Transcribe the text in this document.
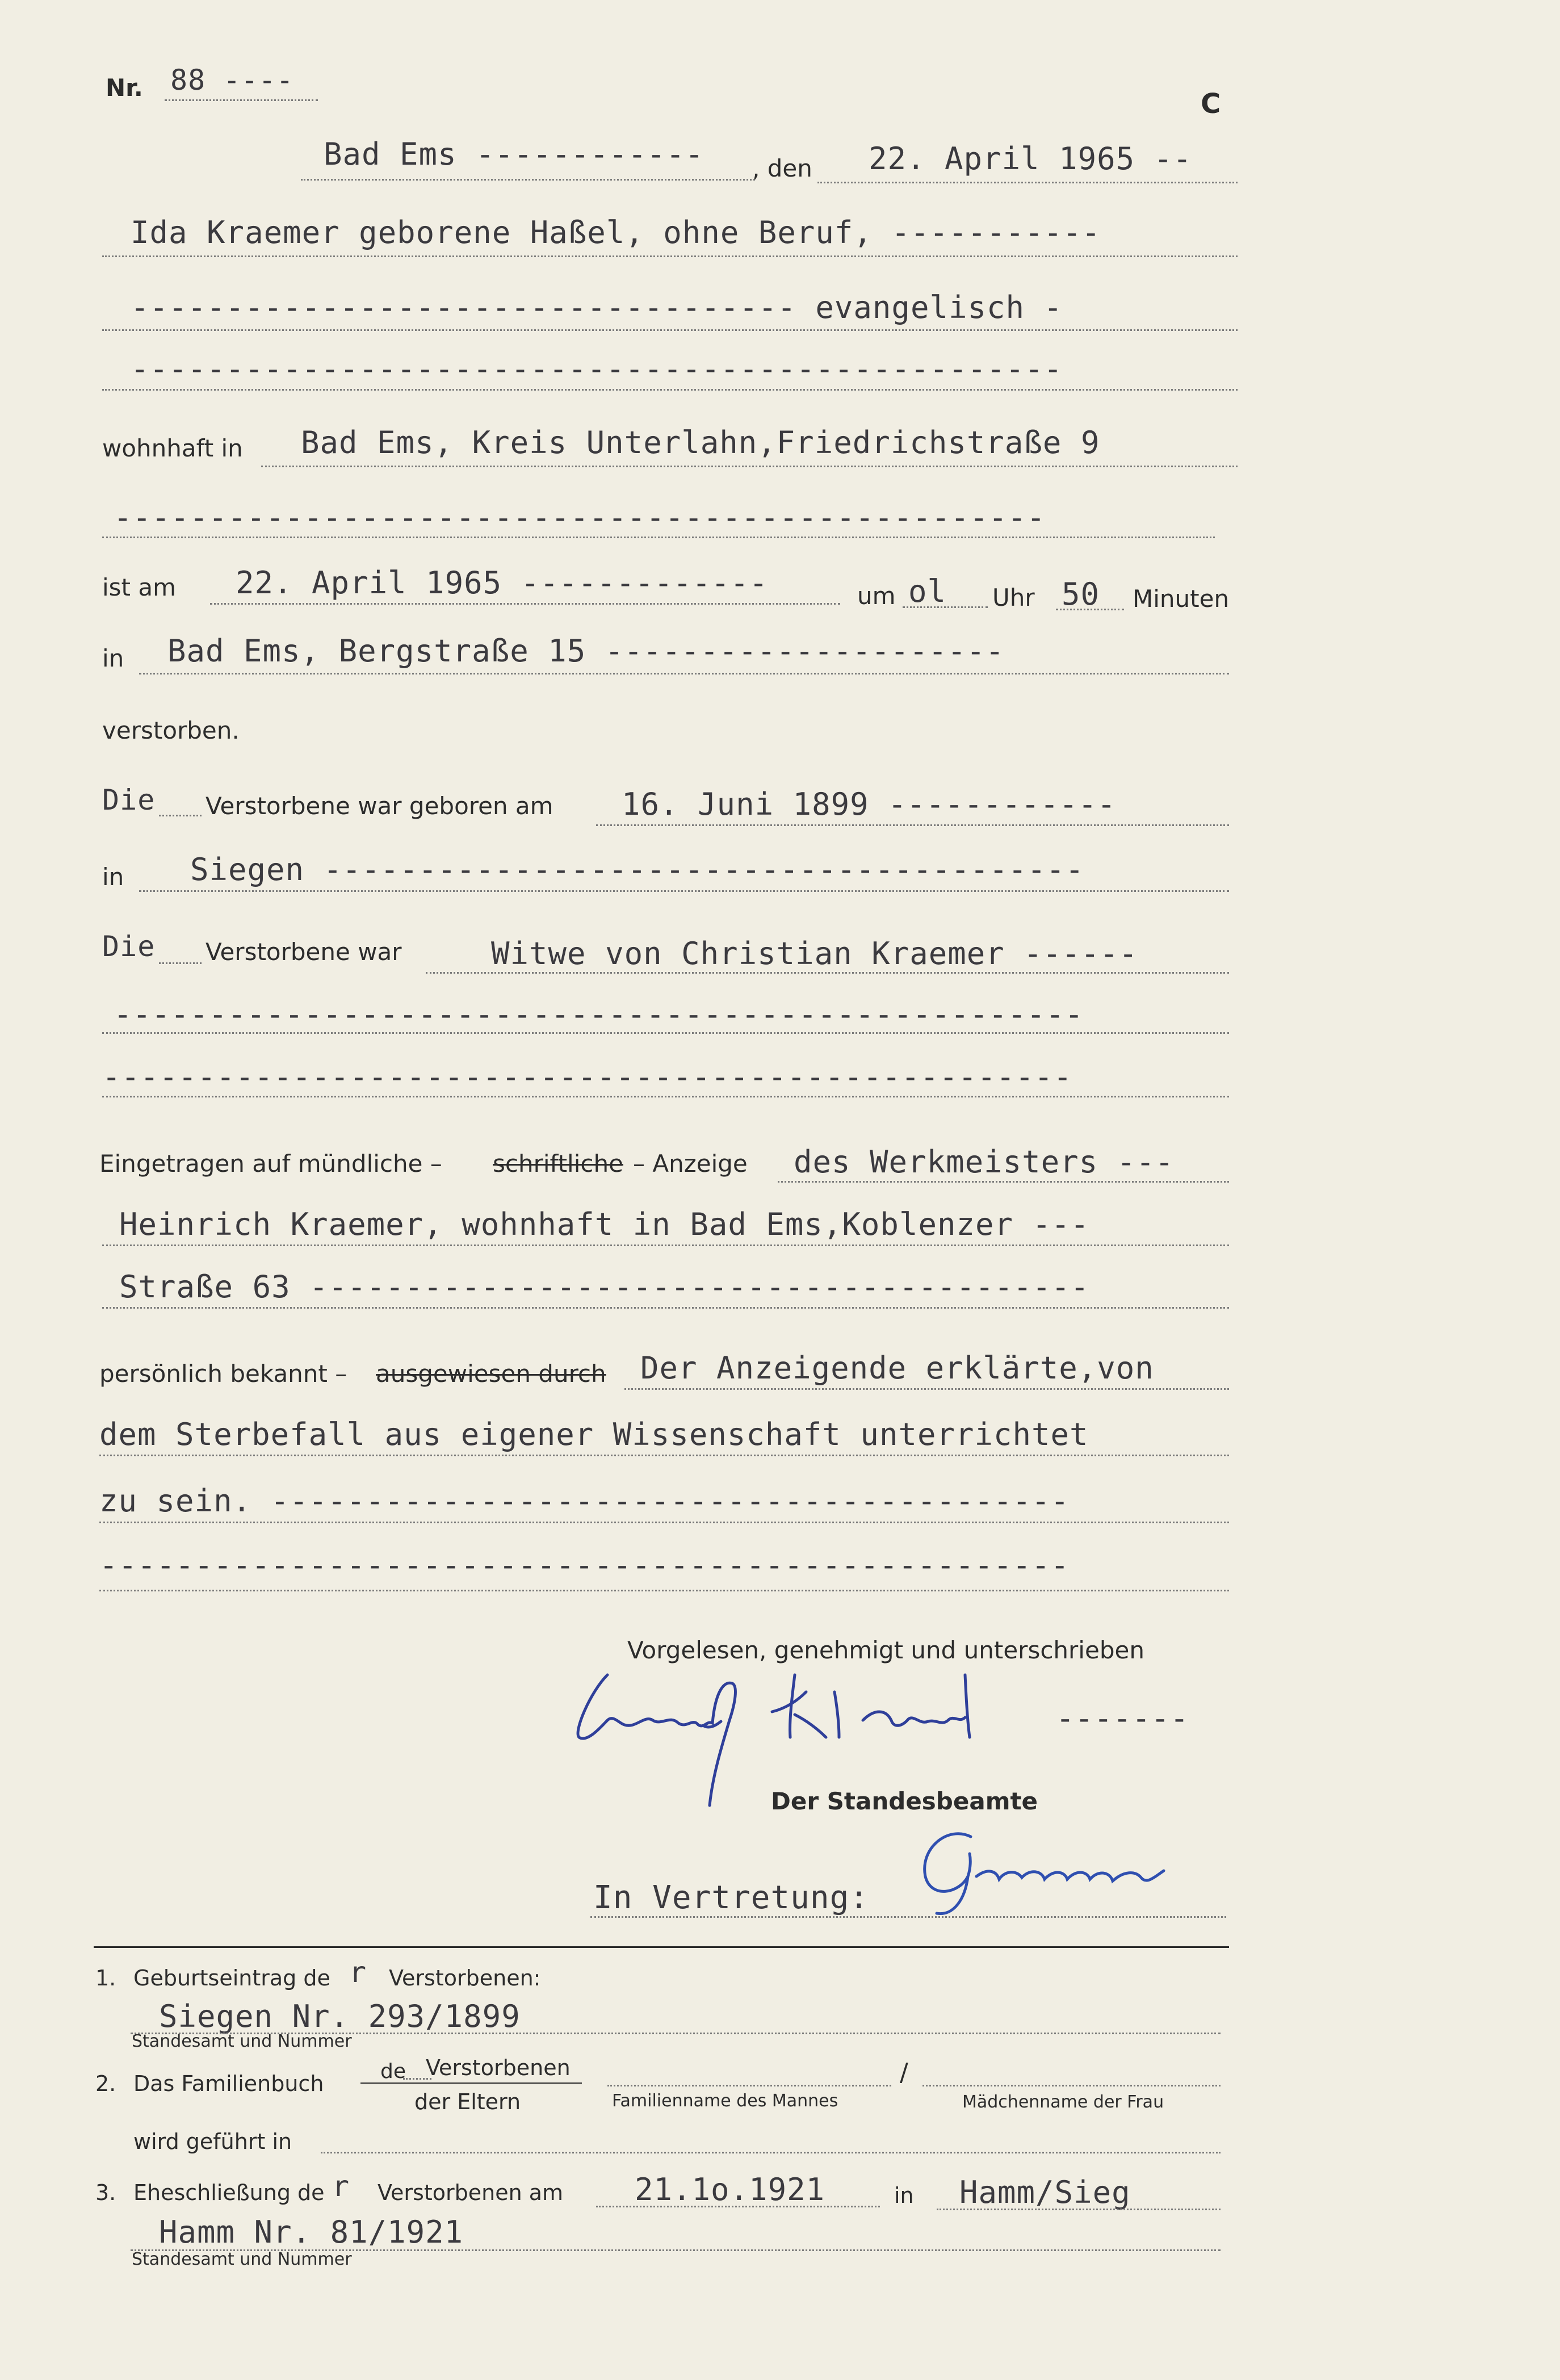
Nr. 88 ----
C
Bad Ems ------------ , den 22. April 1965 --
Ida Kraemer geborene Haßel, ohne Beruf, -----------
----------------------------------- evangelisch -
-------------------------------------------------
wohnhaft in Bad Ems, Kreis Unterlahn,Friedrichstraße 9
-------------------------------------------------
ist am 22. April 1965 -------------	um ol Uhr 50 Minuten
in Bad Ems, Bergstraße 15 ---------------------
verstorben.
Die Verstorbene war geboren am 16. Juni 1899 ------------
in Siegen ----------------------------------------
Die Verstorbene war	Witwe von Christian Kraemer ------
---------------------------------------------------
---------------------------------------------------
Eingetragen auf mündliche – schriftliche – Anzeige des Werkmeisters ---
Heinrich Kraemer, wohnhaft in Bad Ems,Koblenzer ---
Straße 63 -----------------------------------------
persönlich bekannt – ausgewiesen durch Der Anzeigende erklärte,von
dem Sterbefall aus eigener Wissenschaft unterrichtet
zu sein. ------------------------------------------
---------------------------------------------------
Vorgelesen, genehmigt und unterschrieben
-------
Der Standesbeamte
In Vertretung:
1. Geburtseintrag de r Verstorbenen:
Siegen Nr. 293/1899
Standesamt und Nummer
2. Das Familienbuch	de Verstorbenen
der Eltern	Familienname des Mannes
/
Mädchenname der Frau
wird geführt in
3. Eheschließung de r Verstorbenen am 21.1o.1921	in Hamm/Sieg
Hamm Nr. 81/1921
Standesamt und Nummer
